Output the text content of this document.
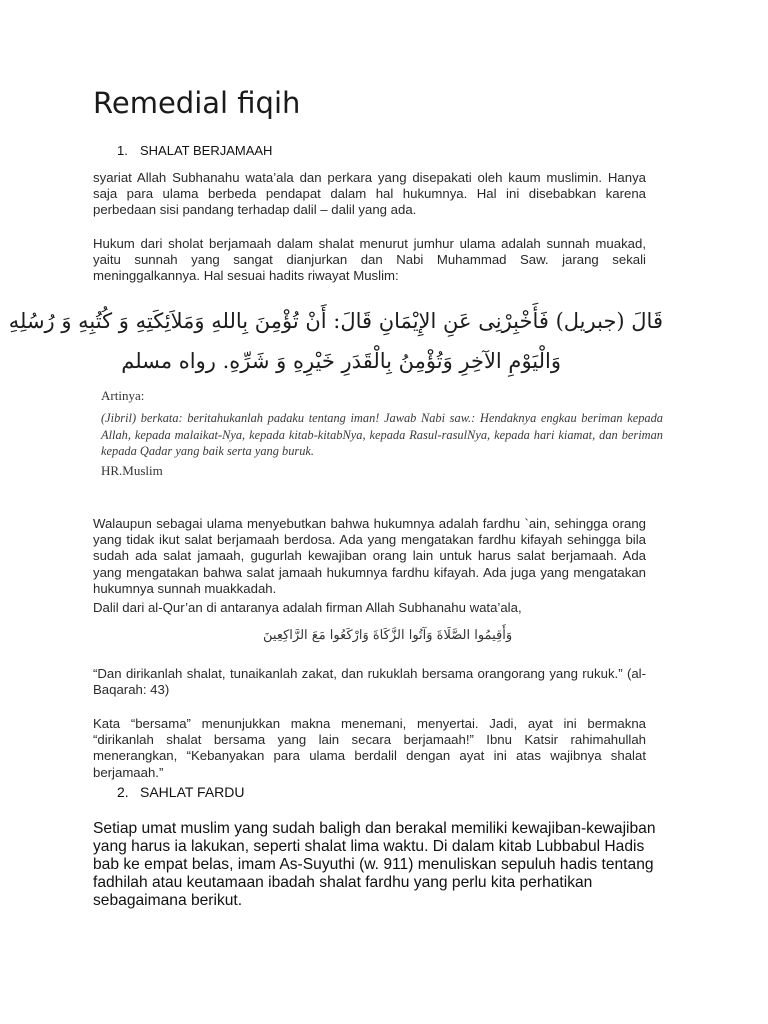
Remedial fiqih
1. SHALAT BERJAMAAH

syariat Allah Subhanahu wata’ala dan perkara yang disepakati oleh kaum muslimin. Hanya saja para ulama berbeda pendapat dalam hal hukumnya. Hal ini disebabkan karena perbedaan sisi pandang terhadap dalil – dalil yang ada.

Hukum dari sholat berjamaah dalam shalat menurut jumhur ulama adalah sunnah muakad, yaitu sunnah yang sangat dianjurkan dan Nabi Muhammad Saw. jarang sekali meninggalkannya. Hal sesuai hadits riwayat Muslim:

قَالَ (جبريل) فَأَخْبِرْنِى عَنِ الإِيْمَانِ قَالَ: أَنْ تُؤْمِنَ بِاللهِ وَمَلاَئِكَتِهِ وَ كُتُبِهِ وَ رُسُلِهِ
وَالْيَوْمِ الآخِرِ وَتُؤْمِنُ بِالْقَدَرِ خَيْرِهِ وَ شَرِّهِ. رواه مسلم
Artinya:

(Jibril) berkata: beritahukanlah padaku tentang iman! Jawab Nabi saw.: Hendaknya engkau beriman kepada Allah, kepada malaikat-Nya, kepada kitab-kitabNya, kepada Rasul-rasulNya, kepada hari kiamat, dan beriman kepada Qadar yang baik serta yang buruk.

HR.Muslim

Walaupun sebagai ulama menyebutkan bahwa hukumnya adalah fardhu `ain, sehingga orang yang tidak ikut salat berjamaah berdosa. Ada yang mengatakan fardhu kifayah sehingga bila sudah ada salat jamaah, gugurlah kewajiban orang lain untuk harus salat berjamaah. Ada yang mengatakan bahwa salat jamaah hukumnya fardhu kifayah. Ada juga yang mengatakan hukumnya sunnah muakkadah.

Dalil dari al-Qur’an di antaranya adalah firman Allah Subhanahu wata’ala,

وَأَقِيمُوا الصَّلَاةَ وَآتُوا الزَّكَاةَ وَارْكَعُوا مَعَ الرَّاكِعِينَ

“Dan dirikanlah shalat, tunaikanlah zakat, dan rukuklah bersama orangorang yang rukuk.” (al-Baqarah: 43)

Kata “bersama” menunjukkan makna menemani, menyertai. Jadi, ayat ini bermakna “dirikanlah shalat bersama yang lain secara berjamaah!” Ibnu Katsir rahimahullah menerangkan, “Kebanyakan para ulama berdalil dengan ayat ini atas wajibnya shalat berjamaah.”

2. SAHLAT FARDU

Setiap umat muslim yang sudah baligh dan berakal memiliki kewajiban-kewajiban yang harus ia lakukan, seperti shalat lima waktu. Di dalam kitab Lubbabul Hadis bab ke empat belas, imam As-Suyuthi (w. 911) menuliskan sepuluh hadis tentang fadhilah atau keutamaan ibadah shalat fardhu yang perlu kita perhatikan sebagaimana berikut.
